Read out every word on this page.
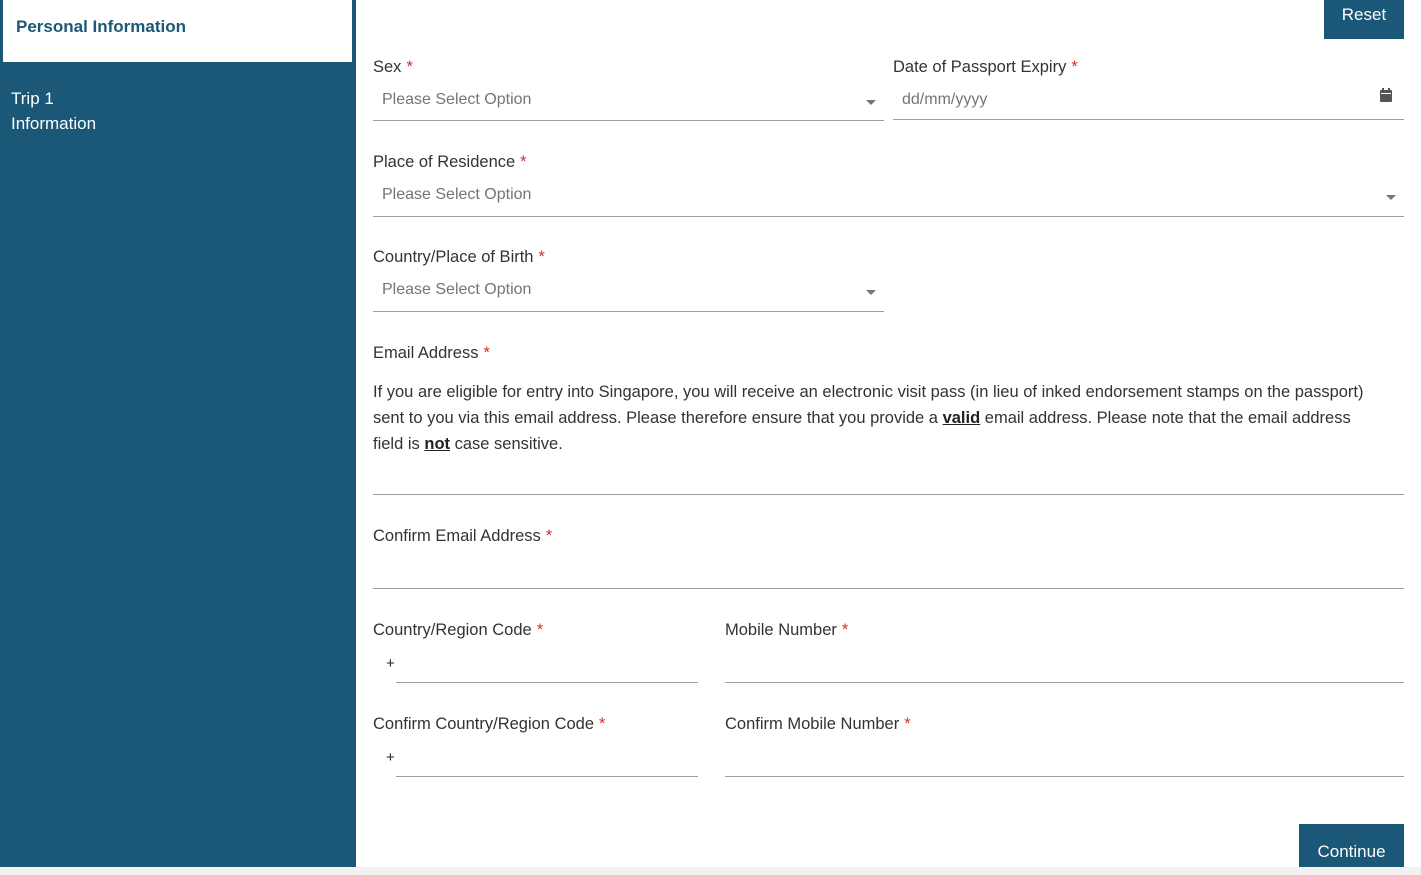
Personal Information
Trip 1
Information
Reset
Sex *
Please Select Option
Date of Passport Expiry *
dd/mm/yyyy
Place of Residence *
Please Select Option
Country/Place of Birth *
Please Select Option
Email Address *
If you are eligible for entry into Singapore, you will receive an electronic visit pass (in lieu of inked endorsement stamps on the passport) sent to you via this email address. Please therefore ensure that you provide a valid email address. Please note that the email address field is not case sensitive.
Confirm Email Address *
Country/Region Code *
+
Mobile Number *
Confirm Country/Region Code *
+
Confirm Mobile Number *
Continue
